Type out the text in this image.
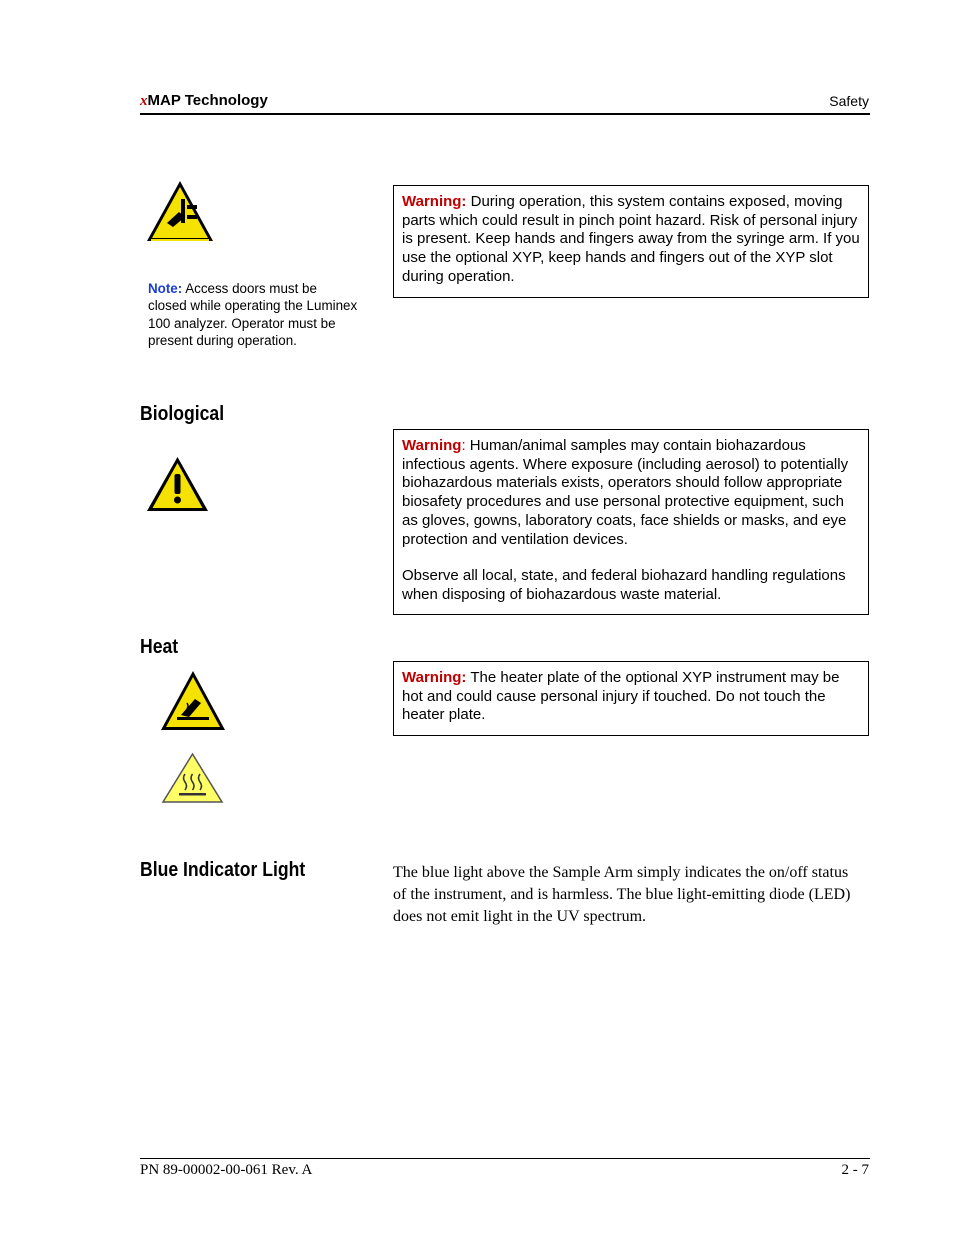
xMAP Technology	Safety
Warning: During operation, this system contains exposed, moving parts which could result in pinch point hazard. Risk of personal injury is present. Keep hands and fingers away from the syringe arm. If you use the optional XYP, keep hands and fingers out of the XYP slot during operation.
Note: Access doors must be closed while operating the Luminex 100 analyzer. Operator must be present during operation.
Biological
Warning: Human/animal samples may contain biohazardous infectious agents. Where exposure (including aerosol) to potentially biohazardous materials exists, operators should follow appropriate biosafety procedures and use personal protective equipment, such as gloves, gowns, laboratory coats, face shields or masks, and eye protection and ventilation devices.
Observe all local, state, and federal biohazard handling regulations when disposing of biohazardous waste material.
Heat
Warning: The heater plate of the optional XYP instrument may be hot and could cause personal injury if touched. Do not touch the heater plate.
Blue Indicator Light	The blue light above the Sample Arm simply indicates the on/off status of the instrument, and is harmless. The blue light-emitting diode (LED) does not emit light in the UV spectrum.
PN 89-00002-00-061 Rev. A	2 - 7
